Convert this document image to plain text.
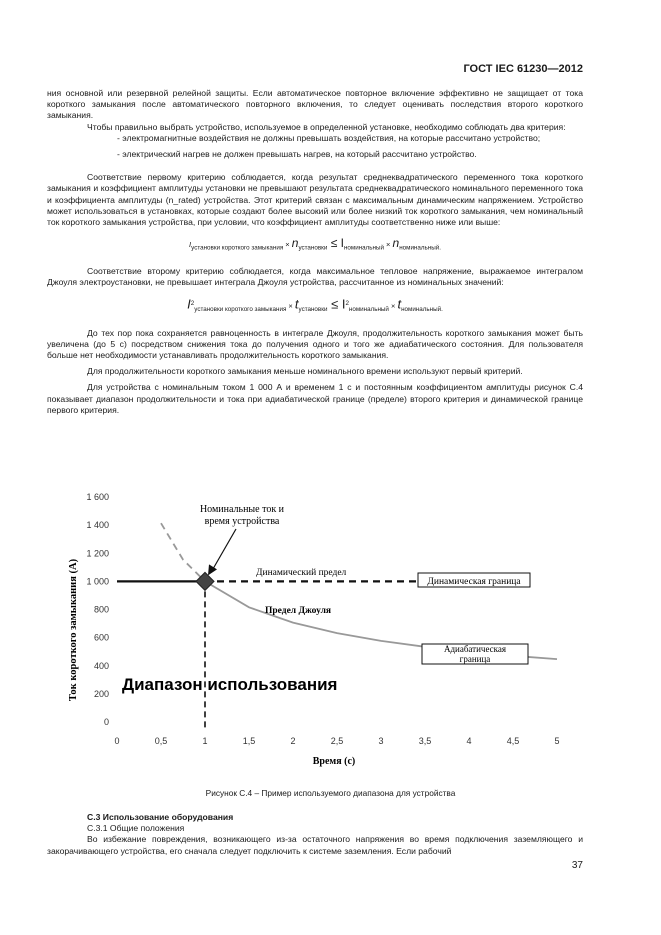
ГОСТ IEC 61230—2012

ния основной или резервной релейной защиты. Если автоматическое повторное включение эффективно не защищает от тока короткого замыкания после автоматического повторного включения, то следует оценивать последствия второго короткого замыкания.

Чтобы правильно выбрать устройство, используемое в определенной установке, необходимо соблюдать два критерия:

- электромагнитные воздействия не должны превышать воздействия, на которые рассчитано устройство;

- электрический нагрев не должен превышать нагрев, на который рассчитано устройство.

Соответствие первому критерию соблюдается, когда результат среднеквадратического переменного тока короткого замыкания и коэффициент амплитуды установки не превышают результата среднеквадратического номинального переменного тока и коэффициента амплитуды (n_rated) устройства. Этот критерий связан с максимальным динамическим напряжением. Устройство может использоваться в установках, которые создают более высокий или более низкий ток короткого замыкания, чем номинальный ток короткого замыкания устройства, при условии, что коэффициент амплитуды соответственно ниже или выше:

$I_{установки короткого замыкания} \times n_{установки} \le I_{номинальный} \times n_{номинальный.}$

Соответствие второму критерию соблюдается, когда максимальное тепловое напряжение, выражаемое интегралом Джоуля электроустановки, не превышает интеграла Джоуля устройства, рассчитанное из номинальных значений:

$I^2_{установки короткого замыкания} \times t_{установки} \le I^2_{номинальный} \times t_{номинальный.}$

До тех пор пока сохраняется равноценность в интеграле Джоуля, продолжительность короткого замыкания может быть увеличена (до 5 с) посредством снижения тока до получения одного и того же адиабатического состояния. Для пользователя больше нет необходимости устанавливать продолжительность короткого замыкания.

Для продолжительности короткого замыкания меньше номинального времени используют первый критерий.

Для устройства с номинальным током 1 000 А и временем 1 с и постоянным коэффициентом амплитуды рисунок С.4 показывает диапазон продолжительности и тока при адиабатической границе (пределе) второго критерия и динамической границе первого критерия.

0
200
400
600
800
1 000
1 200
1 400
1 600
0	0,5	1	1,5	2	2,5	3	3,5	4	4,5	5
Ток короткого замыкания (А)
Время (с)
Номинальные ток и время устройства
Динамический предел
Динамическая граница
Предел Джоуля
Адиабатическая граница
Диапазон использования
Рисунок С.4 – Пример используемого диапазона для устройства
С.3 Использование оборудования
С.3.1 Общие положения
Во избежание повреждения, возникающего из-за остаточного напряжения во время подключения заземляющего и закорачивающего устройства, его сначала следует подключить к системе заземления. Если рабочий
37
